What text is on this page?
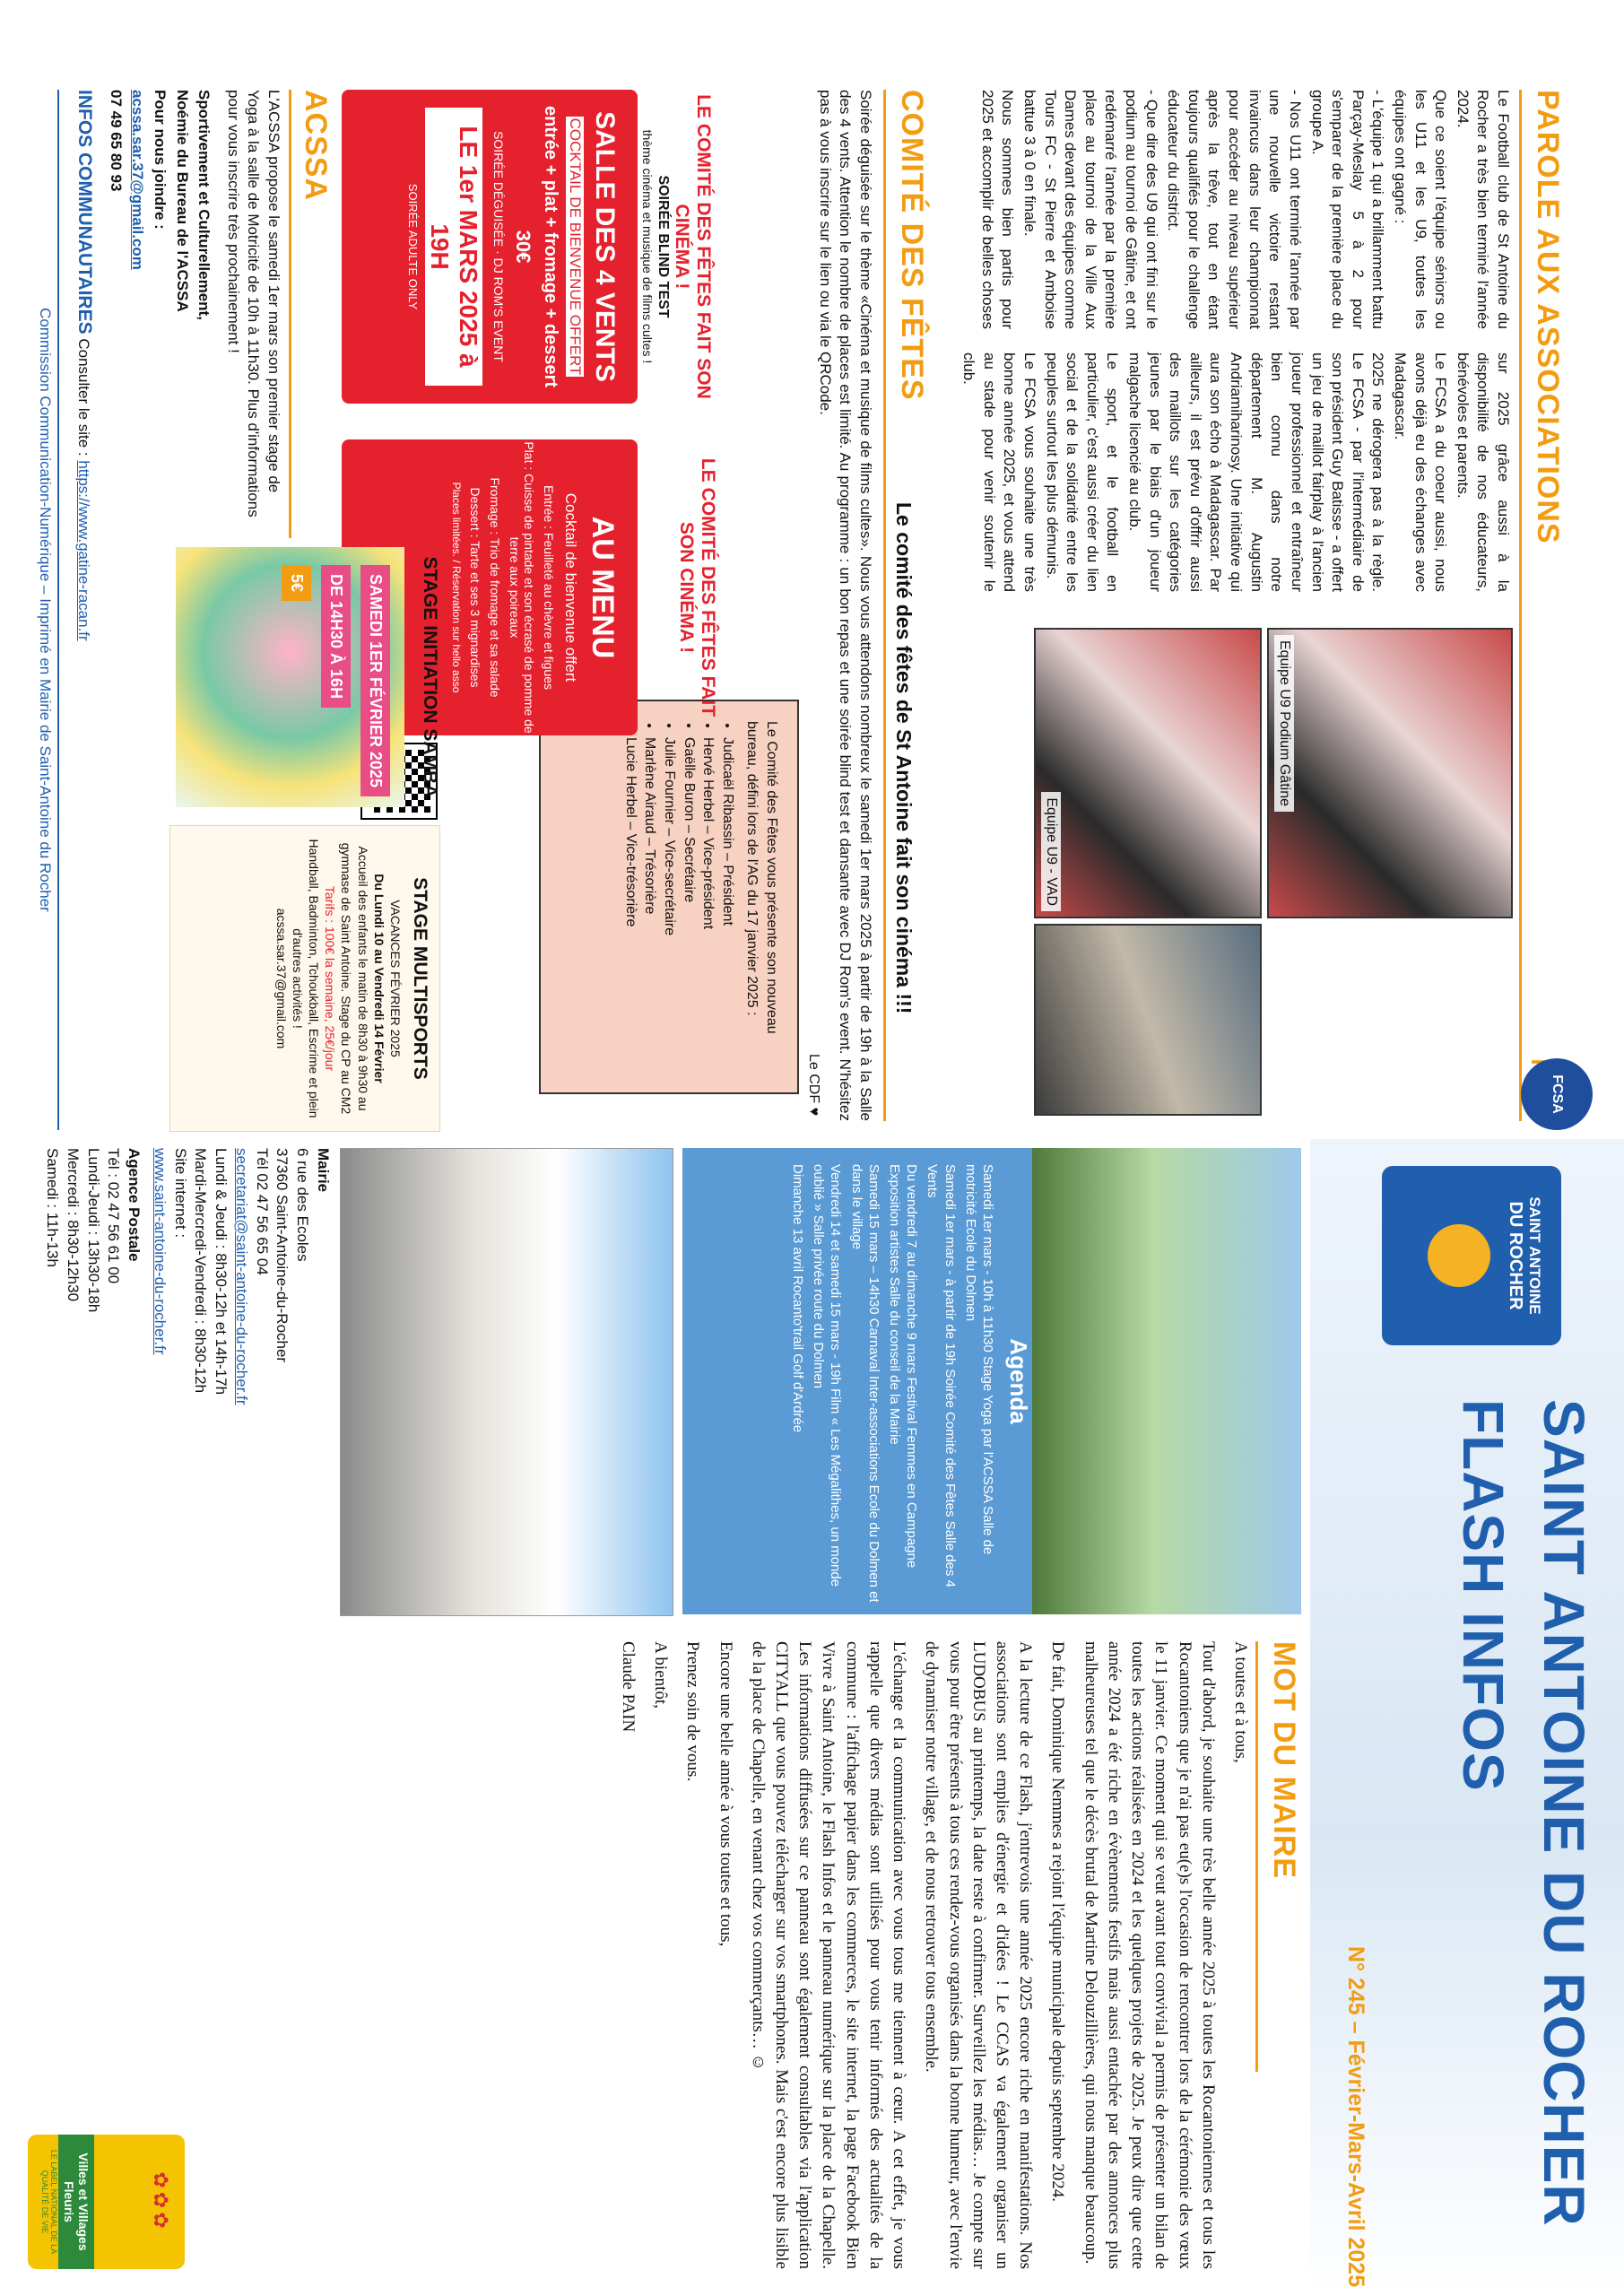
PAROLE AUX ASSOCIATIONS
FCSA

Le Football club de St Antoine du Rocher a très bien terminé l'année 2024.

Que ce soient l'équipe séniors ou les U11 et les U9, toutes les équipes ont gagné :

- L'équipe 1 qui a brillamment battu Parçay-Meslay 5 à 2 pour s'emparer de la première place du groupe A.

- Nos U11 ont terminé l'année par une nouvelle victoire restant invaincus dans leur championnat pour accéder au niveau supérieur après la trêve, tout en étant toujours qualifiés pour le challenge éducateur du district.

- Que dire des U9 qui ont fini sur le podium au tournoi de Gâtine, et ont redémarré l'année par la première place au tournoi de la Ville Aux Dames devant des équipes comme Tours FC - St Pierre et Amboise battue 3 à 0 en finale.

Nous sommes bien partis pour 2025 et accomplir de belles choses sur 2025 grâce aussi à la disponibilité de nos éducateurs, bénévoles et parents.

Le FCSA a du coeur aussi, nous avons déjà eu des échanges avec Madagascar.

2025 ne dérogera pas à la règle. Le FCSA - par l'intermédiaire de son président Guy Batisse - a offert un jeu de maillot fairplay à l'ancien joueur professionnel et entraîneur bien connu dans notre département M. Augustin Andriamiharinosy. Une initiative qui aura son écho à Madagascar. Par ailleurs, il est prévu d'offrir aussi des maillots sur les catégories jeunes par le biais d'un joueur malgache licencié au club.

Le sport, et le football en particulier, c'est aussi créer du lien social et de la solidarité entre les peuples surtout les plus démunis.

Le FCSA vous souhaite une très bonne année 2025, et vous attend au stade pour venir soutenir le club.

Equipe U9 Podium Gâtine
Equipe U9 - VAD
COMITÉ DES FÊTES
Le comité des fêtes de St Antoine fait son cinéma !!!

Soirée déguisée sur le thème «Cinéma et musique de films cultes». Nous vous attendons nombreux le samedi 1er mars 2025 à partir de 19h à la Salle des 4 vents. Attention le nombre de places est limité. Au programme : un bon repas et une soirée blind test et dansante avec DJ Rom's event. N'hésitez pas à vous inscrire sur le lien ou via le QRCode.

Le CDF ♥
Le Comité des Fêtes vous présente son nouveau bureau, défini lors de l'AG du 17 janvier 2025 :
• Judicaël Ribassin – Président
• Hervé Herbel – Vice-président
• Gaëlle Buron – Secrétaire
• Julie Fournier – Vice-secrétaire
• Marlène Airaud – Trésorière
• Lucie Herbel – Vice-trésorière
LE COMITÉ DES FÊTES FAIT SON CINÉMA !
SOIRÉE BLIND TEST
thème cinéma et musique de films cultes !
SALLE DES 4 VENTS
COCKTAIL DE BIENVENUE OFFERT
entrée + plat + fromage + dessert
30€
SOIRÉE DÉGUISÉE · DJ ROM'S EVENT
LE 1er MARS 2025 à 19H
SOIRÉE ADULTE ONLY
LE COMITÉ DES FÊTES FAIT SON CINÉMA !
AU MENU
Cocktail de bienvenue offert
Entrée : Feuilleté au chèvre et figues
Plat : Cuisse de pintade et son écrasé de pomme de terre aux poireaux
Fromage : Trio de fromage et sa salade
Dessert : Tarte et ses 3 mignardises
Places limitées. / Réservation sur hello asso
ACSSA

L'ACSSA propose le samedi 1er mars son premier stage de Yoga à la salle de Motricité de 10h à 11h30. Plus d'informations pour vous inscrire très prochainement !

Sportivement et Culturellement,

Noémie du Bureau de l'ACSSA

Pour nous joindre :

acssa.sar.37@gmail.com

07 49 65 80 93

STAGE INITIATION SAMBA
SAMEDI 1ER FÉVRIER 2025
DE 14H30 À 16H
5€
STAGE MULTISPORTS
VACANCES FÉVRIER 2025
Du Lundi 10 au Vendredi 14 Février
Accueil des enfants le matin de 8h30 à 9h30 au gymnase de Saint Antoine. Stage du CP au CM2
Tarifs : 100€ la semaine, 25€/jour
Handball, Badminton, Tchoukball, Escrime et plein d'autres activités !
acssa.sar.37@gmail.com
INFOS COMMUNAUTAIRES Consulter le site : https://www.gatine-racan.fr
Commission Communication-Numérique – Imprimé en Mairie de Saint-Antoine du Rocher
SAINT ANTOINE
DU ROCHER
SAINT ANTOINE DU ROCHER
FLASH INFOS
N° 245 – Février-Mars-Avril 2025
Agenda
Samedi 1er mars - 10h à 11h30 Stage Yoga par l'ACSSA Salle de motricité Ecole du Dolmen
Samedi 1er mars - à partir de 19h Soirée Comité des Fêtes Salle des 4 Vents
Du vendredi 7 au dimanche 9 mars Festival Femmes en Campagne Exposition artistes Salle du conseil de la Mairie
Samedi 15 mars – 14h30 Carnaval Inter-associations Ecole du Dolmen et dans le village
Vendredi 14 et samedi 15 mars - 19h Film « Les Mégalithes, un monde oublié » Salle privée route du Dolmen
Dimanche 13 avril Rocanto'trail Golf d'Ardrée
Mairie
6 rue des Ecoles
37360 Saint-Antoine-du-Rocher
Tél 02 47 56 65 04
secretariat@saint-antoine-du-rocher.fr
Lundi & Jeudi : 8h30-12h et 14h-17h
Mardi-Mercredi-Vendredi : 8h30-12h
Site internet :
www.saint-antoine-du-rocher.fr
Agence Postale
Tél : 02 47 56 61 00
Lundi-Jeudi : 13h30-18h
Mercredi : 8h30-12h30
Samedi : 11h-13h
MOT DU MAIRE

A toutes et à tous,

Tout d'abord, je souhaite une très belle année 2025 à toutes les Rocantoniennes et tous les Rocantoniens que je n'ai pas eu(e)s l'occasion de rencontrer lors de la cérémonie des vœux le 11 janvier. Ce moment qui se veut avant tout convivial a permis de présenter un bilan de toutes les actions réalisées en 2024 et les quelques projets de 2025. Je peux dire que cette année 2024 a été riche en évènements festifs mais aussi entachée par des annonces plus malheureuses tel que le décès brutal de Martine Delouzillières, qui nous manque beaucoup.

De fait, Dominique Nemmes a rejoint l'équipe municipale depuis septembre 2024.

A la lecture de ce Flash, j'entrevois une année 2025 encore riche en manifestations. Nos associations sont emplies d'énergie et d'idées ! Le CCAS va également organiser un LUDOBUS au printemps, la date reste à confirmer. Surveillez les médias… Je compte sur vous pour être présents à tous ces rendez-vous organisés dans la bonne humeur, avec l'envie de dynamiser notre village, et de nous retrouver tous ensemble.

L'échange et la communication avec vous tous me tiennent à cœur. A cet effet, je vous rappelle que divers médias sont utilisés pour vous tenir informés des actualités de la commune : l'affichage papier dans les commerces, le site internet, la page Facebook Bien Vivre à Saint Antoine, le Flash Infos et le panneau numérique sur la place de la Chapelle. Les informations diffusées sur ce panneau sont également consultables via l'application CITYALL que vous pouvez télécharger sur vos smartphones. Mais c'est encore plus lisible de la place de Chapelle, en venant chez vos commerçants… ☺

Encore une belle année à vous toutes et tous,

Prenez soin de vous.

A bientôt,

Claude PAIN

✿✿✿
Villes et Villages Fleuris
LE LABEL NATIONAL DE LA QUALITÉ DE VIE
